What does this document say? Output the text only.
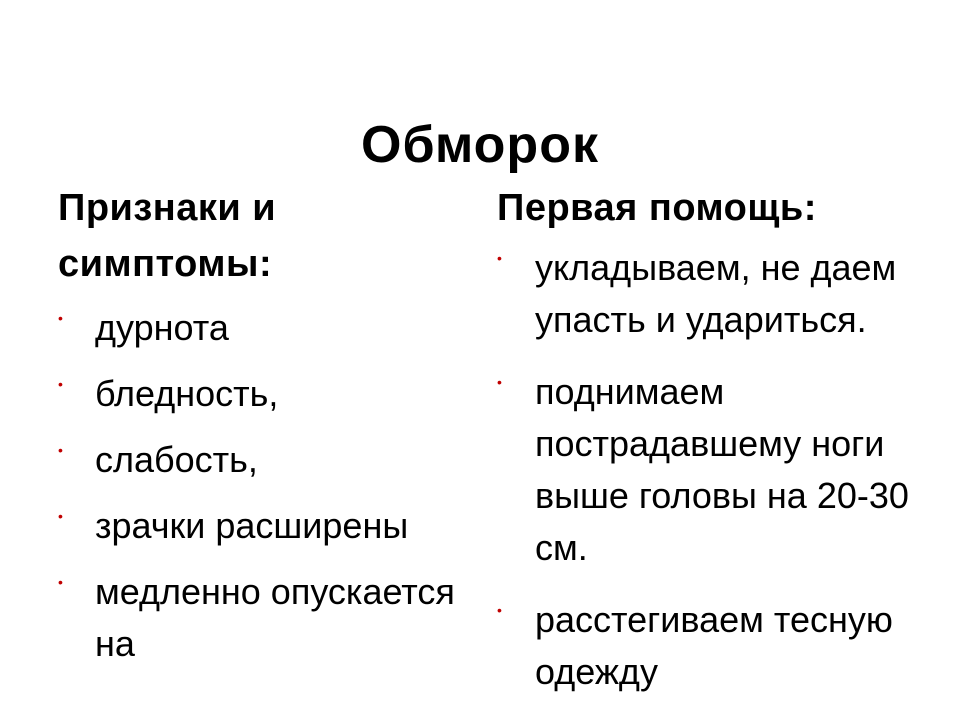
Обморок
Признаки и симптомы:
• дурнота
• бледность,
• слабость,
• зрачки расширены
• медленно опускается на
Первая помощь:
• укладываем, не даем упасть и удариться.
• поднимаем пострадавшему ноги выше головы на 20-30 см.
• расстегиваем тесную одежду
